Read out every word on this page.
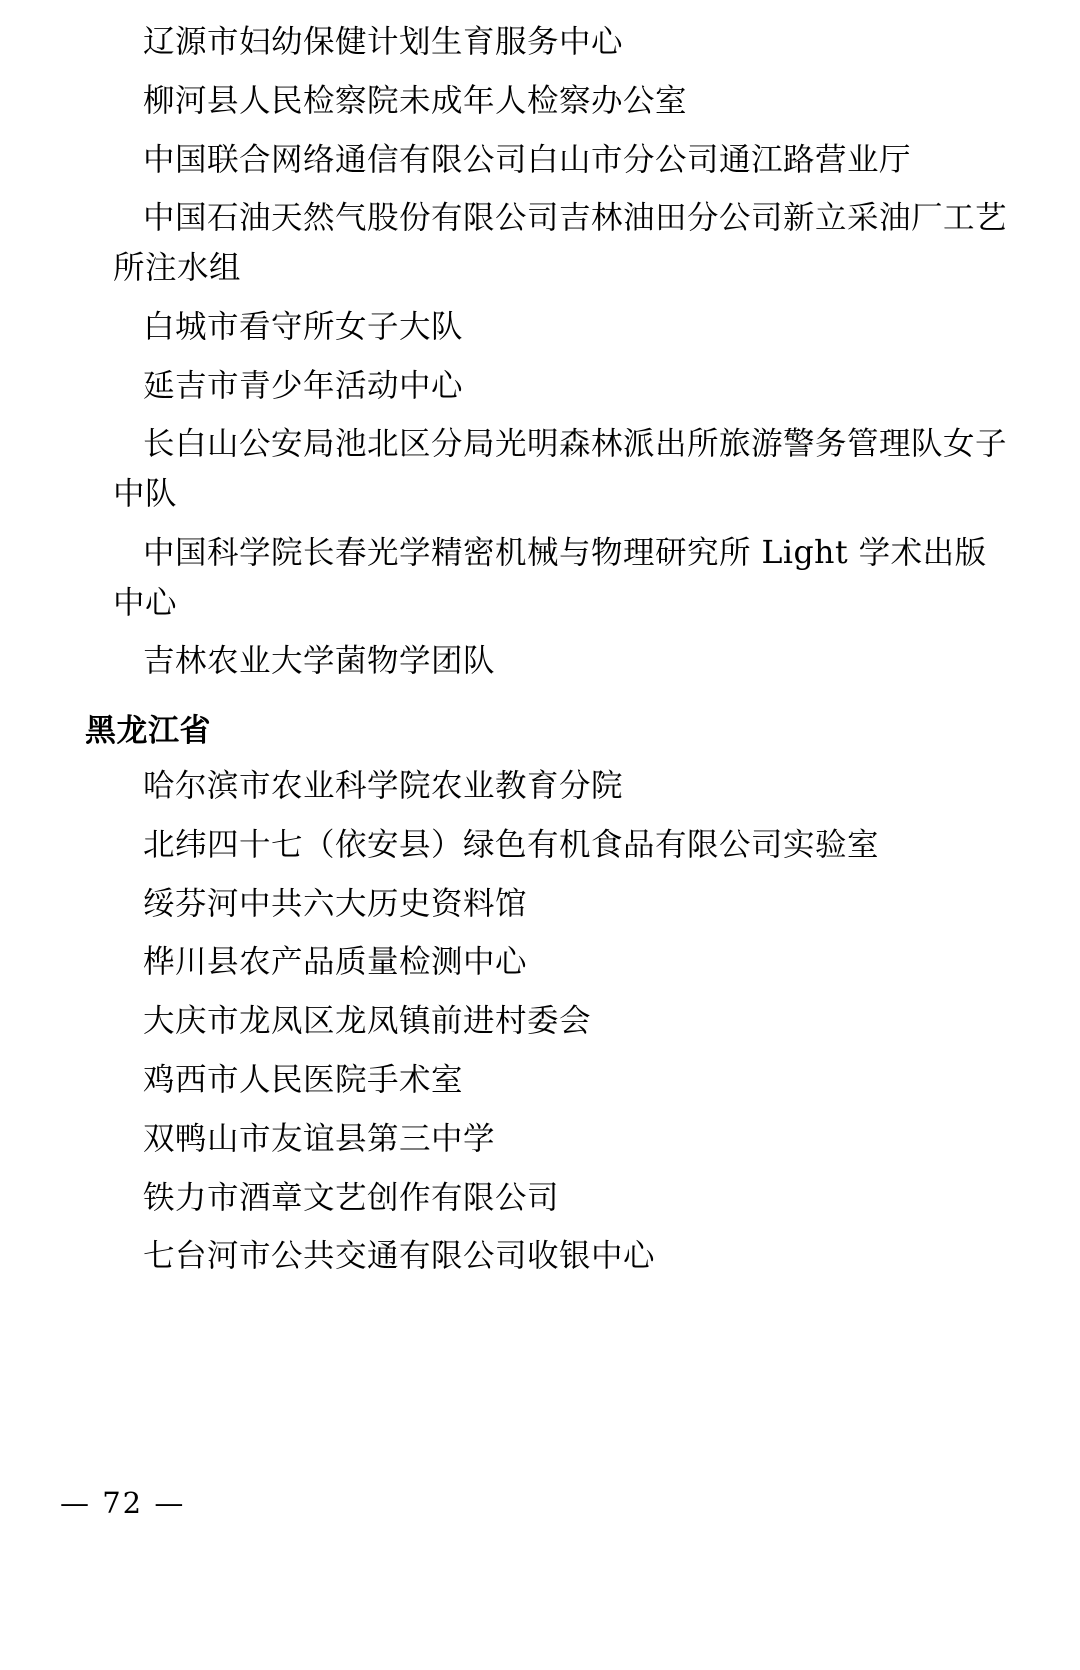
辽源市妇幼保健计划生育服务中心

柳河县人民检察院未成年人检察办公室

中国联合网络通信有限公司白山市分公司通江路营业厅

中国石油天然气股份有限公司吉林油田分公司新立采油厂工艺所注水组

白城市看守所女子大队

延吉市青少年活动中心

长白山公安局池北区分局光明森林派出所旅游警务管理队女子中队

中国科学院长春光学精密机械与物理研究所 Light 学术出版中心

吉林农业大学菌物学团队

黑龙江省

哈尔滨市农业科学院农业教育分院

北纬四十七（依安县）绿色有机食品有限公司实验室

绥芬河中共六大历史资料馆

桦川县农产品质量检测中心

大庆市龙凤区龙凤镇前进村委会

鸡西市人民医院手术室

双鸭山市友谊县第三中学

铁力市酒章文艺创作有限公司

七台河市公共交通有限公司收银中心

— 72 —
